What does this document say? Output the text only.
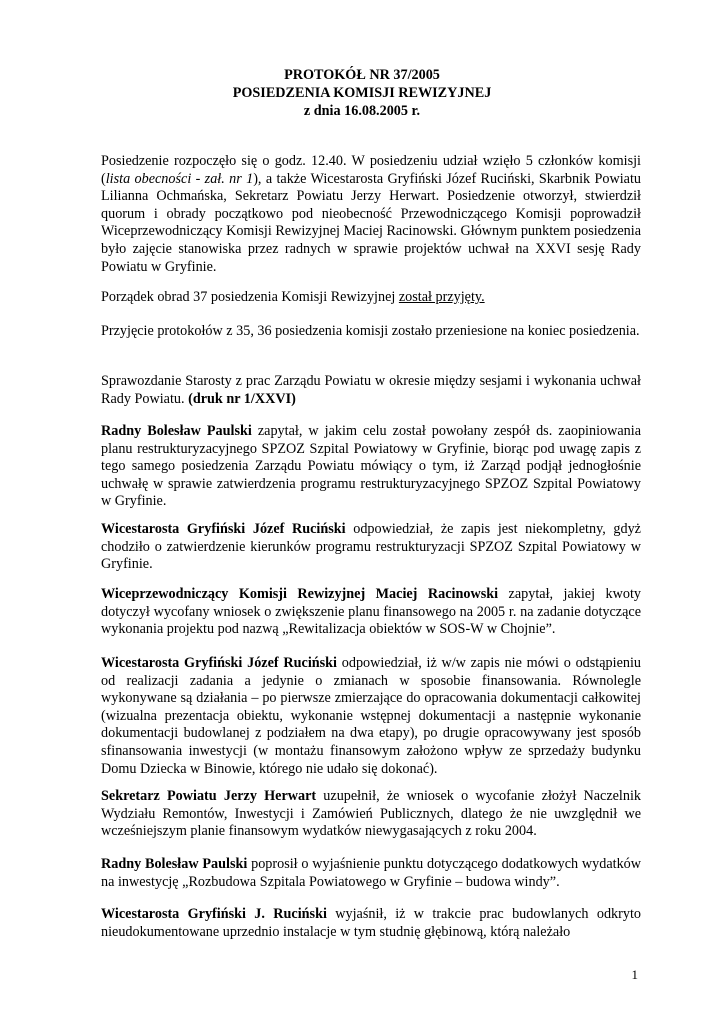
PROTOKÓŁ NR 37/2005
POSIEDZENIA KOMISJI REWIZYJNEJ
z dnia 16.08.2005 r.

Posiedzenie rozpoczęło się o godz. 12.40. W posiedzeniu udział wzięło 5 członków komisji (lista obecności - zał. nr 1), a także Wicestarosta Gryfiński Józef Ruciński, Skarbnik Powiatu Lilianna Ochmańska, Sekretarz Powiatu Jerzy Herwart. Posiedzenie otworzył, stwierdził quorum i obrady początkowo pod nieobecność Przewodniczącego Komisji poprowadził Wiceprzewodniczący Komisji Rewizyjnej Maciej Racinowski. Głównym punktem posiedzenia było zajęcie stanowiska przez radnych w sprawie projektów uchwał na XXVI sesję Rady Powiatu w Gryfinie.

Porządek obrad 37 posiedzenia Komisji Rewizyjnej został przyjęty.

Przyjęcie protokołów z 35, 36 posiedzenia komisji zostało przeniesione na koniec posiedzenia.

Sprawozdanie Starosty z prac Zarządu Powiatu w okresie między sesjami i wykonania uchwał Rady Powiatu. (druk nr 1/XXVI)

Radny Bolesław Paulski zapytał, w jakim celu został powołany zespół ds. zaopiniowania planu restrukturyzacyjnego SPZOZ Szpital Powiatowy w Gryfinie, biorąc pod uwagę zapis z tego samego posiedzenia Zarządu Powiatu mówiący o tym, iż Zarząd podjął jednogłośnie uchwałę w sprawie zatwierdzenia programu restrukturyzacyjnego SPZOZ Szpital Powiatowy w Gryfinie.

Wicestarosta Gryfiński Józef Ruciński odpowiedział, że zapis jest niekompletny, gdyż chodziło o zatwierdzenie kierunków programu restrukturyzacji SPZOZ Szpital Powiatowy w Gryfinie.

Wiceprzewodniczący Komisji Rewizyjnej Maciej Racinowski zapytał, jakiej kwoty dotyczył wycofany wniosek o zwiększenie planu finansowego na 2005 r. na zadanie dotyczące wykonania projektu pod nazwą „Rewitalizacja obiektów w SOS-W w Chojnie”.

Wicestarosta Gryfiński Józef Ruciński odpowiedział, iż w/w zapis nie mówi o odstąpieniu od realizacji zadania a jedynie o zmianach w sposobie finansowania. Równolegle wykonywane są działania – po pierwsze zmierzające do opracowania dokumentacji całkowitej (wizualna prezentacja obiektu, wykonanie wstępnej dokumentacji a następnie wykonanie dokumentacji budowlanej z podziałem na dwa etapy), po drugie opracowywany jest sposób sfinansowania inwestycji (w montażu finansowym założono wpływ ze sprzedaży budynku Domu Dziecka w Binowie, którego nie udało się dokonać).

Sekretarz Powiatu Jerzy Herwart uzupełnił, że wniosek o wycofanie złożył Naczelnik Wydziału Remontów, Inwestycji i Zamówień Publicznych, dlatego że nie uwzględnił we wcześniejszym planie finansowym wydatków niewygasających z roku 2004.

Radny Bolesław Paulski poprosił o wyjaśnienie punktu dotyczącego dodatkowych wydatków na inwestycję „Rozbudowa Szpitala Powiatowego w Gryfinie – budowa windy”.

Wicestarosta Gryfiński J. Ruciński wyjaśnił, iż w trakcie prac budowlanych odkryto nieudokumentowane uprzednio instalacje w tym studnię głębinową, którą należało

1
